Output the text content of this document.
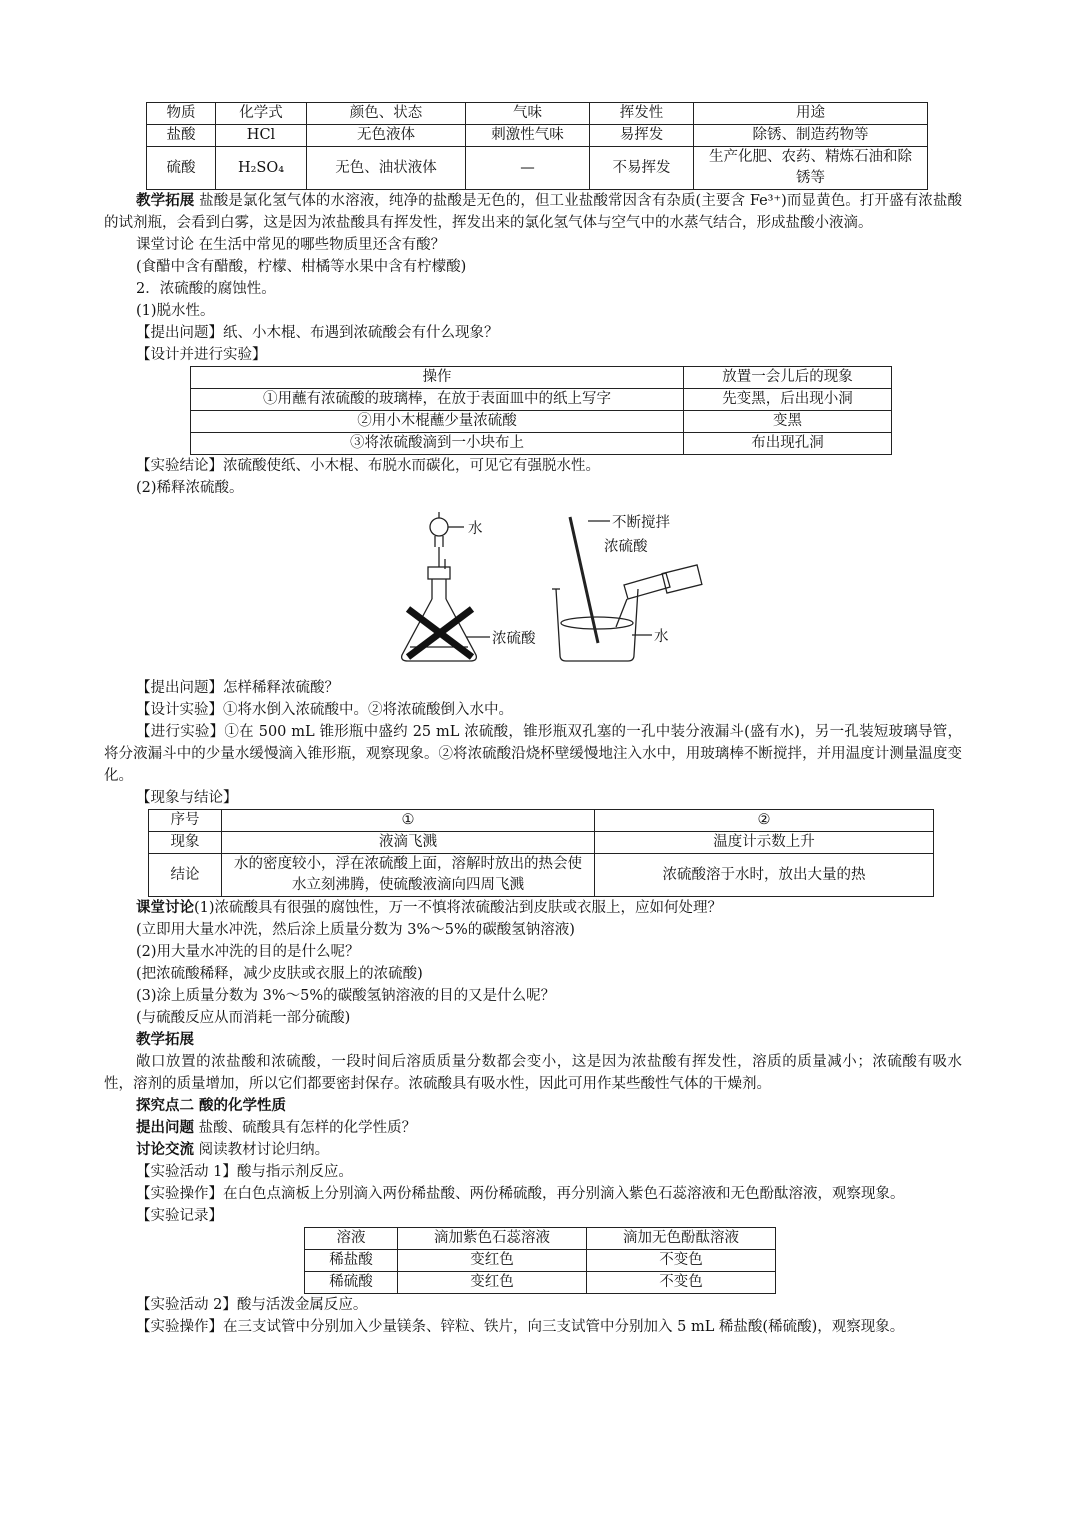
物质	化学式	颜色、状态	气味	挥发性	用途
盐酸	HCl	无色液体	刺激性气味	易挥发	除锈、制造药物等
硫酸	H₂SO₄	无色、油状液体	—	不易挥发	生产化肥、农药、精炼石油和除锈等

教学拓展 盐酸是氯化氢气体的水溶液，纯净的盐酸是无色的，但工业盐酸常因含有杂质(主要含 Fe³⁺)而显黄色。打开盛有浓盐酸的试剂瓶，会看到白雾，这是因为浓盐酸具有挥发性，挥发出来的氯化氢气体与空气中的水蒸气结合，形成盐酸小液滴。

课堂讨论 在生活中常见的哪些物质里还含有酸？

(食醋中含有醋酸，柠檬、柑橘等水果中含有柠檬酸)

2．浓硫酸的腐蚀性。

(1)脱水性。

【提出问题】纸、小木棍、布遇到浓硫酸会有什么现象？

【设计并进行实验】

操作	放置一会儿后的现象
①用蘸有浓硫酸的玻璃棒，在放于表面皿中的纸上写字	先变黑，后出现小洞
②用小木棍蘸少量浓硫酸	变黑
③将浓硫酸滴到一小块布上	布出现孔洞

【实验结论】浓硫酸使纸、小木棍、布脱水而碳化，可见它有强脱水性。

(2)稀释浓硫酸。

水
浓硫酸
不断搅拌
浓硫酸
水

【提出问题】怎样稀释浓硫酸？

【设计实验】①将水倒入浓硫酸中。②将浓硫酸倒入水中。

【进行实验】①在 500 mL 锥形瓶中盛约 25 mL 浓硫酸，锥形瓶双孔塞的一孔中装分液漏斗(盛有水)，另一孔装短玻璃导管，将分液漏斗中的少量水缓慢滴入锥形瓶，观察现象。②将浓硫酸沿烧杯壁缓慢地注入水中，用玻璃棒不断搅拌，并用温度计测量温度变化。

【现象与结论】

序号	①	②
现象	液滴飞溅	温度计示数上升
结论	水的密度较小，浮在浓硫酸上面，溶解时放出的热会使水立刻沸腾，使硫酸液滴向四周飞溅	浓硫酸溶于水时，放出大量的热

课堂讨论(1)浓硫酸具有很强的腐蚀性，万一不慎将浓硫酸沾到皮肤或衣服上，应如何处理？

(立即用大量水冲洗，然后涂上质量分数为 3%～5%的碳酸氢钠溶液)

(2)用大量水冲洗的目的是什么呢？

(把浓硫酸稀释，减少皮肤或衣服上的浓硫酸)

(3)涂上质量分数为 3%～5%的碳酸氢钠溶液的目的又是什么呢？

(与硫酸反应从而消耗一部分硫酸)

教学拓展

敞口放置的浓盐酸和浓硫酸，一段时间后溶质质量分数都会变小，这是因为浓盐酸有挥发性，溶质的质量减小；浓硫酸有吸水性，溶剂的质量增加，所以它们都要密封保存。浓硫酸具有吸水性，因此可用作某些酸性气体的干燥剂。

探究点二 酸的化学性质

提出问题 盐酸、硫酸具有怎样的化学性质？

讨论交流 阅读教材讨论归纳。

【实验活动 1】酸与指示剂反应。

【实验操作】在白色点滴板上分别滴入两份稀盐酸、两份稀硫酸，再分别滴入紫色石蕊溶液和无色酚酞溶液，观察现象。

【实验记录】

溶液	滴加紫色石蕊溶液	滴加无色酚酞溶液
稀盐酸	变红色	不变色
稀硫酸	变红色	不变色

【实验活动 2】酸与活泼金属反应。

【实验操作】在三支试管中分别加入少量镁条、锌粒、铁片，向三支试管中分别加入 5 mL 稀盐酸(稀硫酸)，观察现象。
